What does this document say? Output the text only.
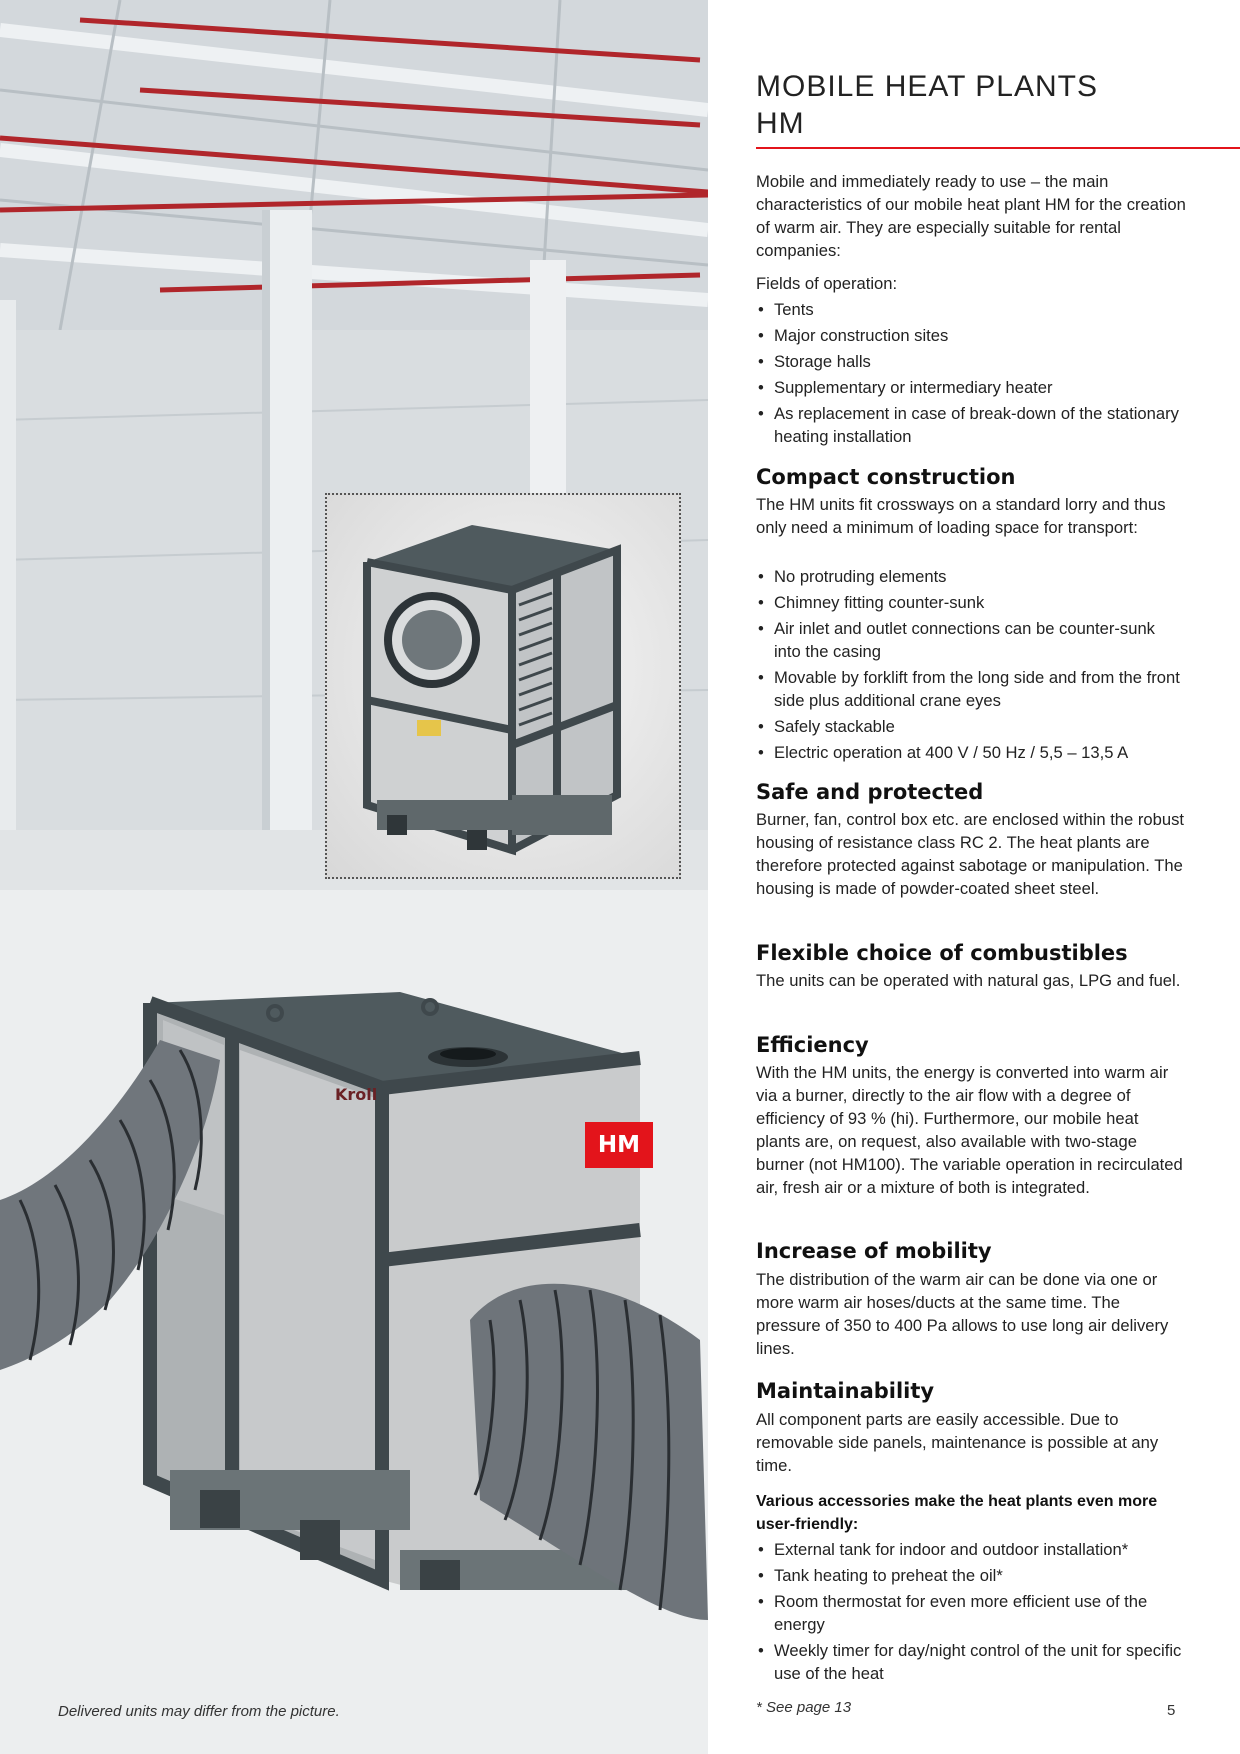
Kroll
HM
Delivered units may differ from the picture.
MOBILE HEAT PLANTS
HM

Mobile and immediately ready to use – the main characteristics of our mobile heat plant HM for the creation of warm air. They are especially suitable for rental companies:

Fields of operation:

• Tents
• Major construction sites
• Storage halls
• Supplementary or intermediary heater
• As replacement in case of break-down of the stationary heating installation
Compact construction

The HM units fit crossways on a standard lorry and thus only need a minimum of loading space for transport:

• No protruding elements
• Chimney fitting counter-sunk
• Air inlet and outlet connections can be counter-sunk into the casing
• Movable by forklift from the long side and from the front side plus additional crane eyes
• Safely stackable
• Electric operation at 400 V / 50 Hz / 5,5 – 13,5 A
Safe and protected

Burner, fan, control box etc. are enclosed within the robust housing of resistance class RC 2. The heat plants are therefore protected against sabotage or manipulation. The housing is made of powder-coated sheet steel.

Flexible choice of combustibles

The units can be operated with natural gas, LPG and fuel.

Efficiency

With the HM units, the energy is converted into warm air via a burner, directly to the air flow with a degree of efficiency of 93 % (hi). Furthermore, our mobile heat plants are, on request, also available with two-stage burner (not HM100). The variable operation in recirculated air, fresh air or a mixture of both is integrated.

Increase of mobility

The distribution of the warm air can be done via one or more warm air hoses/ducts at the same time. The pressure of 350 to 400 Pa allows to use long air delivery lines.

Maintainability

All component parts are easily accessible. Due to removable side panels, maintenance is possible at any time.

Various accessories make the heat plants even more user-friendly:

• External tank for indoor and outdoor installation*
• Tank heating to preheat the oil*
• Room thermostat for even more efficient use of the energy
• Weekly timer for day/night control of the unit for specific use of the heat
* See page 13	5
